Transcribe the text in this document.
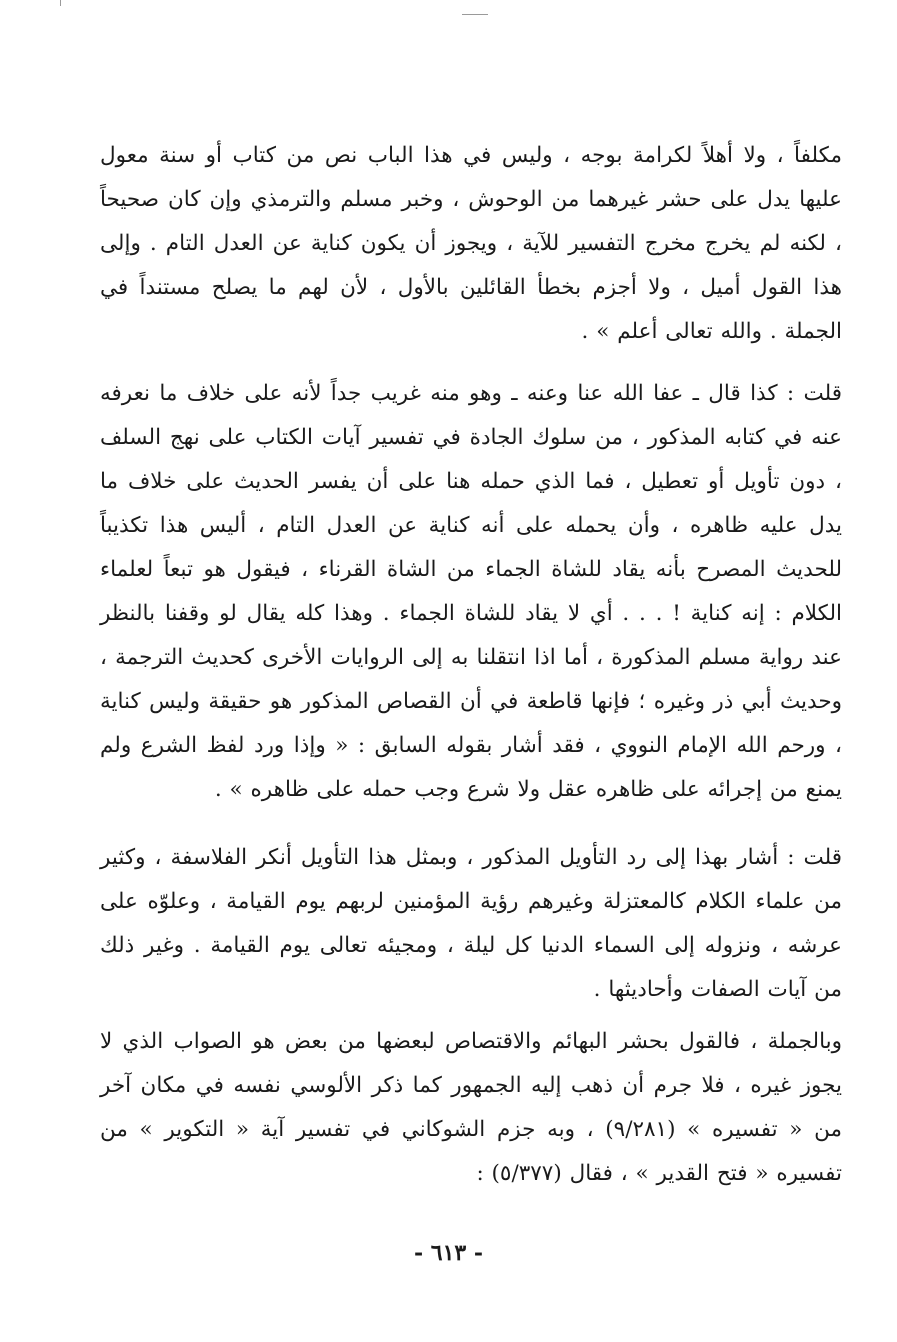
مكلفاً ، ولا أهلاً لكرامة بوجه ، وليس في هذا الباب نص من كتاب أو سنة معول عليها يدل على حشر غيرهما من الوحوش ، وخبر مسلم والترمذي وإن كان صحيحاً ، لكنه لم يخرج مخرج التفسير للآية ، ويجوز أن يكون كناية عن العدل التام . وإلى هذا القول أميل ، ولا أجزم بخطأ القائلين بالأول ، لأن لهم ما يصلح مستنداً في الجملة . والله تعالى أعلم » .

قلت : كذا قال ـ عفا الله عنا وعنه ـ وهو منه غريب جداً لأنه على خلاف ما نعرفه عنه في كتابه المذكور ، من سلوك الجادة في تفسير آيات الكتاب على نهج السلف ، دون تأويل أو تعطيل ، فما الذي حمله هنا على أن يفسر الحديث على خلاف ما يدل عليه ظاهره ، وأن يحمله على أنه كناية عن العدل التام ، أليس هذا تكذيباً للحديث المصرح بأنه يقاد للشاة الجماء من الشاة القرناء ، فيقول هو تبعاً لعلماء الكلام : إنه كناية ! . . . أي لا يقاد للشاة الجماء . وهذا كله يقال لو وقفنا بالنظر عند رواية مسلم المذكورة ، أما اذا انتقلنا به إلى الروايات الأخرى كحديث الترجمة ، وحديث أبي ذر وغيره ؛ فإنها قاطعة في أن القصاص المذكور هو حقيقة وليس كناية ، ورحم الله الإمام النووي ، فقد أشار بقوله السابق : « وإذا ورد لفظ الشرع ولم يمنع من إجرائه على ظاهره عقل ولا شرع وجب حمله على ظاهره » .

قلت : أشار بهذا إلى رد التأويل المذكور ، وبمثل هذا التأويل أنكر الفلاسفة ، وكثير من علماء الكلام كالمعتزلة وغيرهم رؤية المؤمنين لربهم يوم القيامة ، وعلوّه على عرشه ، ونزوله إلى السماء الدنيا كل ليلة ، ومجيئه تعالى يوم القيامة . وغير ذلك من آيات الصفات وأحاديثها .

وبالجملة ، فالقول بحشر البهائم والاقتصاص لبعضها من بعض هو الصواب الذي لا يجوز غيره ، فلا جرم أن ذهب إليه الجمهور كما ذكر الألوسي نفسه في مكان آخر من « تفسيره » (٩/٢٨١) ، وبه جزم الشوكاني في تفسير آية « التكوير » من تفسيره « فتح القدير » ، فقال (٥/٣٧٧) :

- ٦١٣ -
